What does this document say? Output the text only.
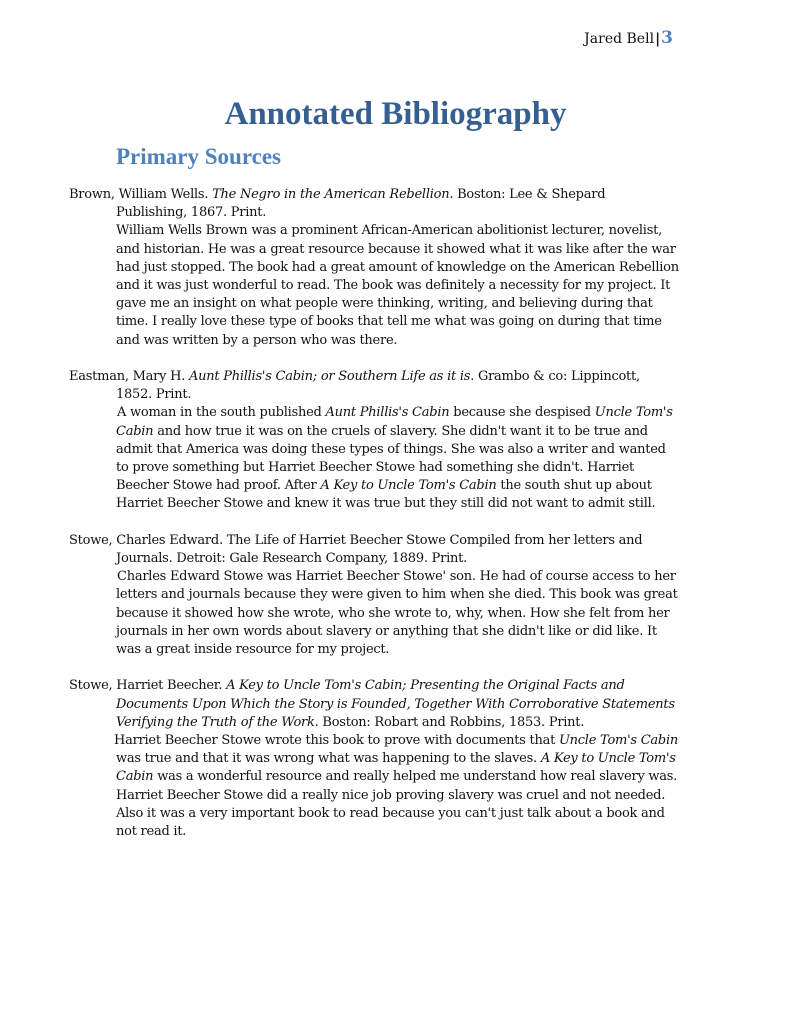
Jared Bell | 3
Annotated Bibliography
Primary Sources

Brown, William Wells. The Negro in the American Rebellion. Boston: Lee & Shepard Publishing, 1867. Print.

William Wells Brown was a prominent African-American abolitionist lecturer, novelist, and historian. He was a great resource because it showed what it was like after the war had just stopped. The book had a great amount of knowledge on the American Rebellion and it was just wonderful to read. The book was definitely a necessity for my project. It gave me an insight on what people were thinking, writing, and believing during that time. I really love these type of books that tell me what was going on during that time and was written by a person who was there.

Eastman, Mary H. Aunt Phillis's Cabin; or Southern Life as it is. Grambo & co: Lippincott, 1852. Print.

A woman in the south published Aunt Phillis's Cabin because she despised Uncle Tom's Cabin and how true it was on the cruels of slavery. She didn't want it to be true and admit that America was doing these types of things. She was also a writer and wanted to prove something but Harriet Beecher Stowe had something she didn't. Harriet Beecher Stowe had proof. After A Key to Uncle Tom's Cabin the south shut up about Harriet Beecher Stowe and knew it was true but they still did not want to admit still.

Stowe, Charles Edward. The Life of Harriet Beecher Stowe Compiled from her letters and Journals. Detroit: Gale Research Company, 1889. Print.

Charles Edward Stowe was Harriet Beecher Stowe' son. He had of course access to her letters and journals because they were given to him when she died. This book was great because it showed how she wrote, who she wrote to, why, when. How she felt from her journals in her own words about slavery or anything that she didn't like or did like. It was a great inside resource for my project.

Stowe, Harriet Beecher. A Key to Uncle Tom's Cabin; Presenting the Original Facts and Documents Upon Which the Story is Founded, Together With Corroborative Statements Verifying the Truth of the Work. Boston: Robart and Robbins, 1853. Print.

Harriet Beecher Stowe wrote this book to prove with documents that Uncle Tom's Cabin was true and that it was wrong what was happening to the slaves. A Key to Uncle Tom's Cabin was a wonderful resource and really helped me understand how real slavery was. Harriet Beecher Stowe did a really nice job proving slavery was cruel and not needed. Also it was a very important book to read because you can't just talk about a book and not read it.
